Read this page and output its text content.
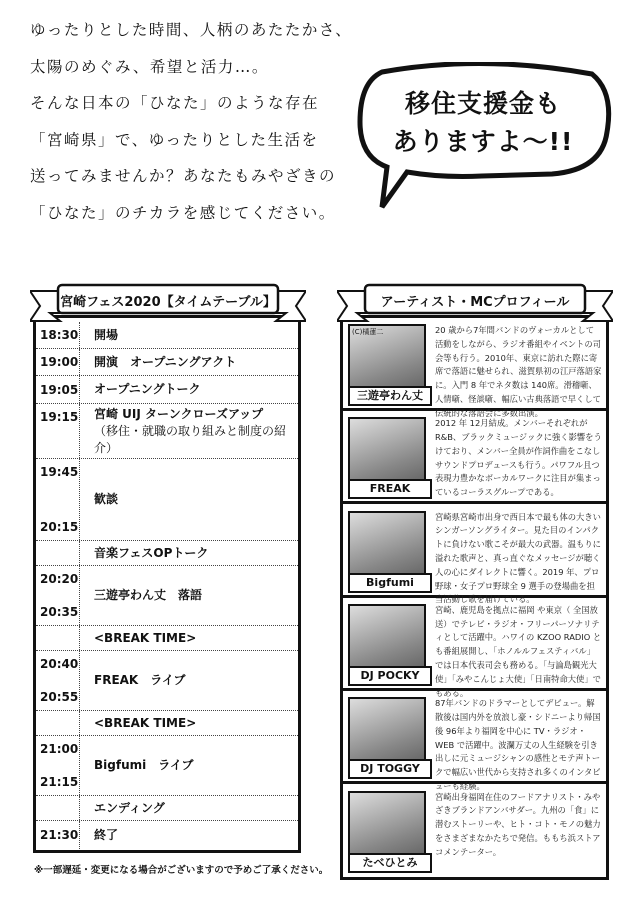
ゆったりとした時間、人柄のあたたかさ、
太陽のめぐみ、希望と活力…。
そんな日本の「ひなた」のような存在
「宮崎県」で、ゆったりとした生活を
送ってみませんか？あなたもみやざきの
「ひなた」のチカラを感じてください。
移住支援金も
ありますよ～!!
18:30 開場
19:00 開演　オープニングアクト
19:05 オープニングトーク
19:15 宮崎 UIJ ターンクローズアップ
（移住・就職の取り組みと制度の紹介）
19:45
20:15
歓談
音楽フェスOPトーク
20:20
20:35
三遊亭わん丈　落語
<BREAK TIME>
20:40
20:55
FREAK　ライブ
<BREAK TIME>
21:00
21:15
Bigfumi　ライブ
エンディング
21:30 終了
宮崎フェス2020【タイムテーブル】
※一部遅延・変更になる場合がございますので予めご了承ください。
(C)橘蓮二
三遊亭わん丈
20 歳から7年間バンドのヴォーカルとして活動をしながら、ラジオ番組やイベントの司会等も行う。2010年、東京に訪れた際に寄席で落語に魅せられ、滋賀県初の江戸落語家に。入門 8 年でネタ数は 140席。滑稽噺、人情噺、怪談噺、幅広い古典落語で早くして伝統的な落語会に多数出演。
FREAK
2012 年 12月結成。メンバーそれぞれが R&B、ブラックミュージックに強く影響をうけており、メンバー全員が作詞作曲をこなしサウンドプロデュースも行う。パワフル且つ表現力豊かなボーカルワークに注目が集まっているコーラスグループである。
Bigfumi
宮崎県宮崎市出身で西日本で最も体の大きいシンガーソングライター。見た目のインパクトに負けない歌こそが最大の武器。温もりに溢れた歌声と、真っ直ぐなメッセージが聴く人の心にダイレクトに響く。2019 年、プロ野球・女子プロ野球全 9 選手の登場曲を担当活動し歌を届けている。
DJ POCKY
宮崎、鹿児島を拠点に福岡 や東京（ 全国放送）でテレビ・ラジオ・フリーパーソナリティとして活躍中。ハワイの KZOO RADIO とも番組展開し、「ホノルルフェスティバル」では日本代表司会も務める。「与論島観光大使」「みやこんじょ大使」「日南特命大使」でもある。
DJ TOGGY
87年バンドのドラマーとしてデビュー。解散後は国内外を放浪し豪・シドニーより帰国後 96年より福岡を中心に TV・ラジオ・WEB で活躍中。波瀾万丈の人生経験を引き出しに元ミュージシャンの感性とモテ声トークで幅広い世代から支持され多くのインタビューも経験。
たべひとみ
宮崎出身福岡在住のフードアナリスト・みやざきブランドアンバサダー。九州の「食」に潜むストーリーや、ヒト・コト・モノの魅力をさまざまなかたちで発信。ももち浜ストアコメンテーター。
アーティスト・MCプロフィール
